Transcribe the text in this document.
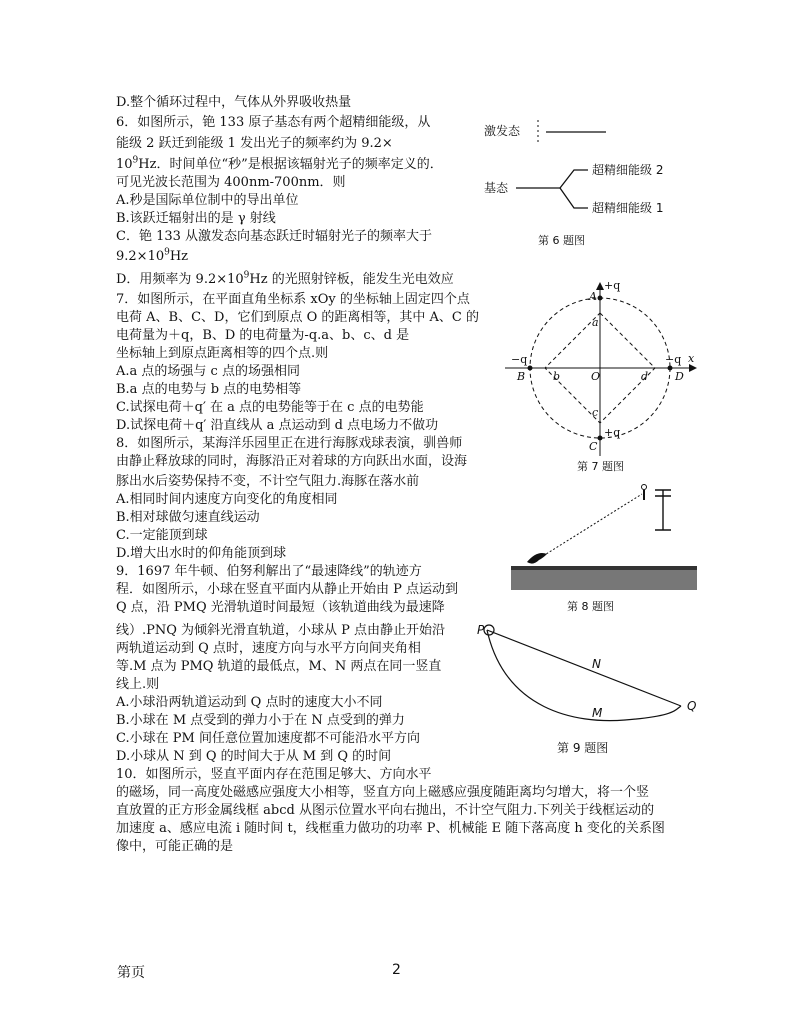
D.整个循环过程中，气体从外界吸收热量
6．如图所示，铯 133 原子基态有两个超精细能级，从
能级 2 跃迁到能级 1 发出光子的频率约为 9.2×
$10^9Hz$．时间单位“秒”是根据该辐射光子的频率定义的．
可见光波长范围为 400nm-700nm．则
A.秒是国际单位制中的导出单位
B.该跃迁辐射出的是 γ 射线
C．铯 133 从激发态向基态跃迁时辐射光子的频率大于
$9.2\times 10^9Hz$
D．用频率为 $9.2\times 10^9Hz$ 的光照射锌板，能发生光电效应
7．如图所示，在平面直角坐标系 xOy 的坐标轴上固定四个点
电荷 A、B、C、D，它们到原点 O 的距离相等，其中 A、C 的
电荷量为＋q，B、D 的电荷量为-q.a、b、c、d 是
坐标轴上到原点距离相等的四个点.则
A.a 点的场强与 c 点的场强相同
B.a 点的电势与 b 点的电势相等
C.试探电荷＋q′ 在 a 点的电势能等于在 c 点的电势能
D.试探电荷＋q′ 沿直线从 a 点运动到 d 点电场力不做功
8．如图所示，某海洋乐园里正在进行海豚戏球表演，驯兽师
由静止释放球的同时，海豚沿正对着球的方向跃出水面，设海
豚出水后姿势保持不变，不计空气阻力.海豚在落水前
A.相同时间内速度方向变化的角度相同
B.相对球做匀速直线运动
C.一定能顶到球
D.增大出水时的仰角能顶到球
9．1697 年牛顿、伯努利解出了“最速降线”的轨迹方
程．如图所示，小球在竖直平面内从静止开始由 P 点运动到
Q 点，沿 PMQ 光滑轨道时间最短（该轨道曲线为最速降
线）.PNQ 为倾斜光滑直轨道，小球从 P 点由静止开始沿
两轨道运动到 Q 点时，速度方向与水平方向间夹角相
等.M 点为 PMQ 轨道的最低点，M、N 两点在同一竖直
线上.则
A.小球沿两轨道运动到 Q 点时的速度大小不同
B.小球在 M 点受到的弹力小于在 N 点受到的弹力
C.小球在 PM 间任意位置加速度都不可能沿水平方向
D.小球从 N 到 Q 的时间大于从 M 到 Q 的时间
10．如图所示，竖直平面内存在范围足够大、方向水平
的磁场，同一高度处磁感应强度大小相等，竖直方向上磁感应强度随距离均匀增大，将一个竖
直放置的正方形金属线框 abcd 从图示位置水平向右抛出，不计空气阻力.下列关于线框运动的
加速度 a、感应电流 i 随时间 t，线框重力做功的功率 P、机械能 E 随下落高度 h 变化的关系图
像中，可能正确的是
激发态
基态
超精细能级 2
超精细能级 1
第 6 题图
+q
A
C
+q
−q
B
−q
D
x
a
b
c
d
O
第 7 题图
第 8 题图
P
N
M	Q
第 9 题图
第页	2
